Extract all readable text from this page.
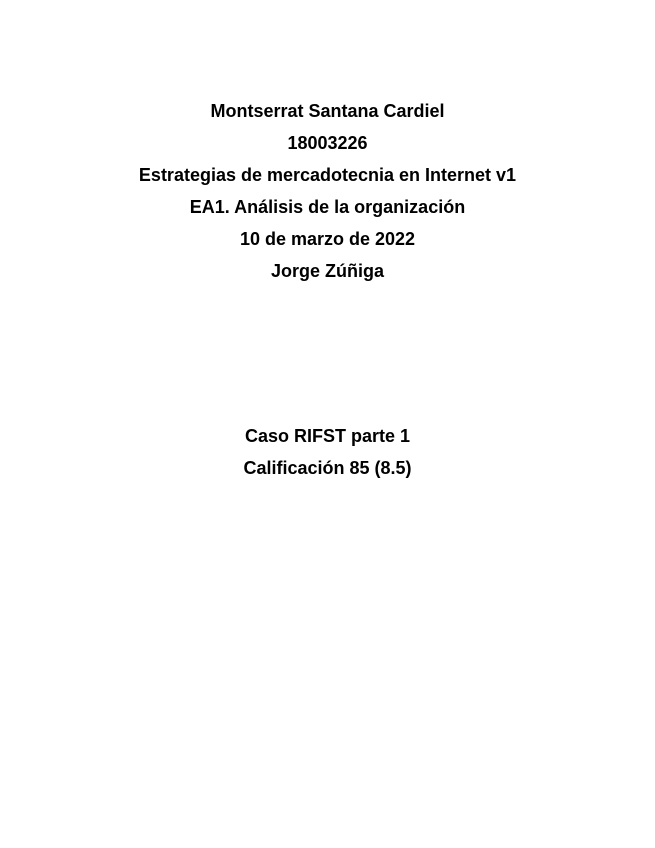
Montserrat Santana Cardiel
18003226
Estrategias de mercadotecnia en Internet v1
EA1. Análisis de la organización
10 de marzo de 2022
Jorge Zúñiga
Caso RIFST parte 1
Calificación 85 (8.5)
